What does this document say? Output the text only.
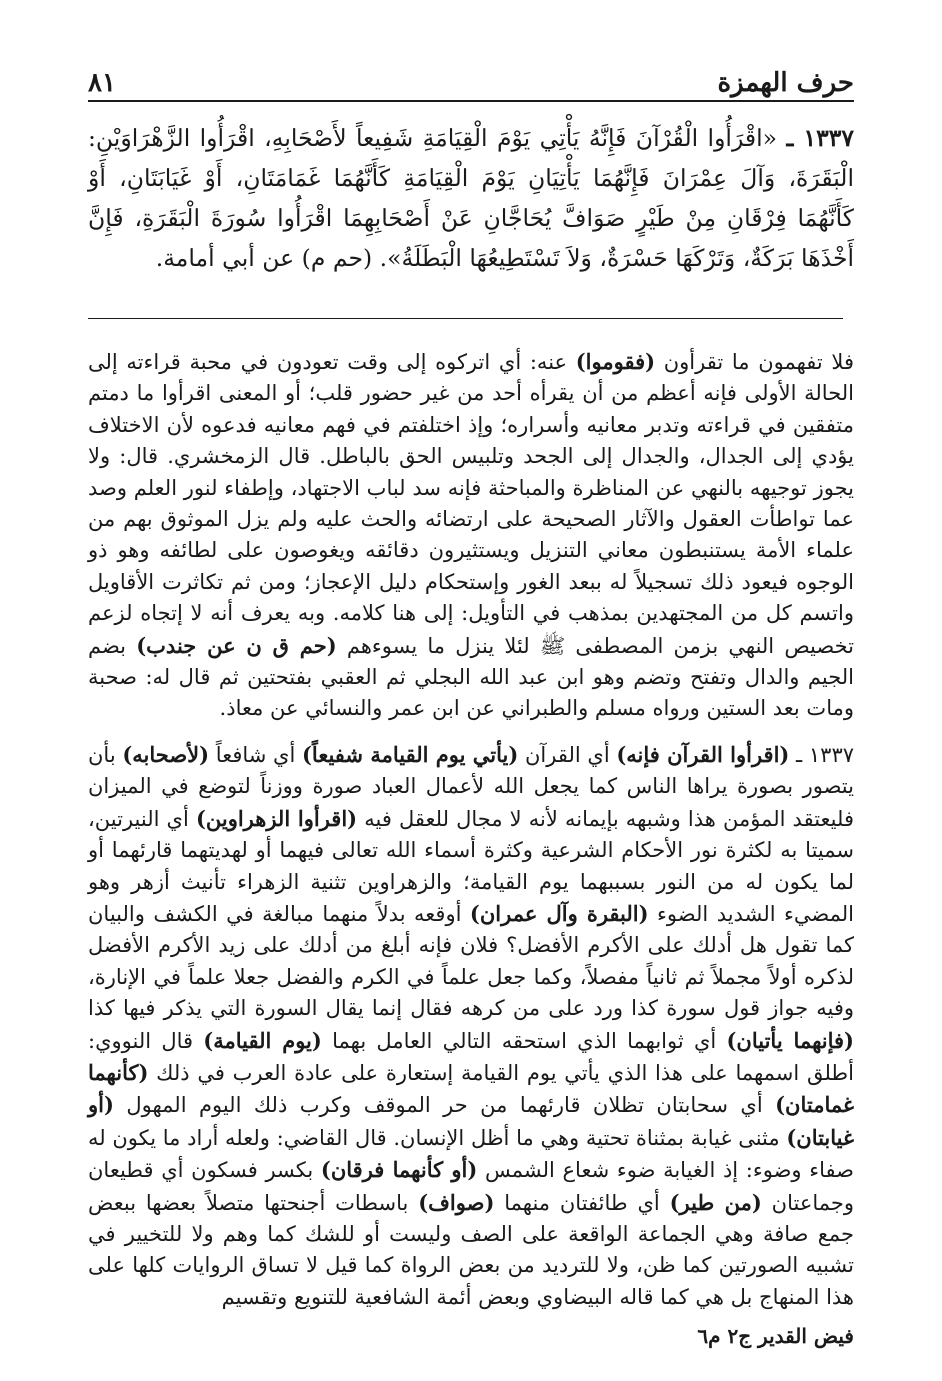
حرف الهمزة
٨١
١٣٣٧ ـ «اقْرَأُوا الْقُرْآنَ فَإِنَّهُ يَأْتِي يَوْمَ الْقِيَامَةِ شَفِيعاً لأَصْحَابِهِ، اقْرَأُوا الزَّهْرَاوَيْنِ: الْبَقَرَةَ، وَآلَ عِمْرَانَ فَإِنَّهُمَا يَأْتِيَانِ يَوْمَ الْقِيَامَةِ كَأَنَّهُمَا غَمَامَتَانِ، أَوْ غَيَابَتَانِ، أَوْ كَأَنَّهُمَا فِرْقَانِ مِنْ طَيْرٍ صَوَافَّ يُحَاجَّانِ عَنْ أَصْحَابِهِمَا اقْرَأُوا سُورَةَ الْبَقَرَةِ، فَإِنَّ أَخْذَهَا بَرَكَةٌ، وَتَرْكَهَا حَسْرَةٌ، وَلاَ تَسْتَطِيعُهَا الْبَطَلَةُ». (حم م) عن أبي أمامة.

فلا تفهمون ما تقرأون (فقوموا) عنه: أي اتركوه إلى وقت تعودون في محبة قراءته إلى الحالة الأولى فإنه أعظم من أن يقرأه أحد من غير حضور قلب؛ أو المعنى اقرأوا ما دمتم متفقين في قراءته وتدبر معانيه وأسراره؛ وإذ اختلفتم في فهم معانيه فدعوه لأن الاختلاف يؤدي إلى الجدال، والجدال إلى الجحد وتلبيس الحق بالباطل. قال الزمخشري. قال: ولا يجوز توجيهه بالنهي عن المناظرة والمباحثة فإنه سد لباب الاجتهاد، وإطفاء لنور العلم وصد عما تواطأت العقول والآثار الصحيحة على ارتضائه والحث عليه ولم يزل الموثوق بهم من علماء الأمة يستنبطون معاني التنزيل ويستثيرون دقائقه ويغوصون على لطائفه وهو ذو الوجوه فيعود ذلك تسجيلاً له ببعد الغور وإستحكام دليل الإعجاز؛ ومن ثم تكاثرت الأقاويل واتسم كل من المجتهدين بمذهب في التأويل: إلى هنا كلامه. وبه يعرف أنه لا إتجاه لزعم تخصيص النهي بزمن المصطفى ﷺ لئلا ينزل ما يسوءهم (حم ق ن عن جندب) بضم الجيم والدال وتفتح وتضم وهو ابن عبد الله البجلي ثم العقبي بفتحتين ثم قال له: صحبة ومات بعد الستين ورواه مسلم والطبراني عن ابن عمر والنسائي عن معاذ.

١٣٣٧ ـ (اقرأوا القرآن فإنه) أي القرآن (يأتي يوم القيامة شفيعاً) أي شافعاً (لأصحابه) بأن يتصور بصورة يراها الناس كما يجعل الله لأعمال العباد صورة ووزناً لتوضع في الميزان فليعتقد المؤمن هذا وشبهه بإيمانه لأنه لا مجال للعقل فيه (اقرأوا الزهراوين) أي النيرتين، سميتا به لكثرة نور الأحكام الشرعية وكثرة أسماء الله تعالى فيهما أو لهديتهما قارئهما أو لما يكون له من النور بسببهما يوم القيامة؛ والزهراوين تثنية الزهراء تأنيث أزهر وهو المضيء الشديد الضوء (البقرة وآل عمران) أوقعه بدلاً منهما مبالغة في الكشف والبيان كما تقول هل أدلك على الأكرم الأفضل؟ فلان فإنه أبلغ من أدلك على زيد الأكرم الأفضل لذكره أولاً مجملاً ثم ثانياً مفصلاً، وكما جعل علماً في الكرم والفضل جعلا علماً في الإنارة، وفيه جواز قول سورة كذا ورد على من كرهه فقال إنما يقال السورة التي يذكر فيها كذا (فإنهما يأتيان) أي ثوابهما الذي استحقه التالي العامل بهما (يوم القيامة) قال النووي: أطلق اسمهما على هذا الذي يأتي يوم القيامة إستعارة على عادة العرب في ذلك (كأنهما غمامتان) أي سحابتان تظلان قارئهما من حر الموقف وكرب ذلك اليوم المهول (أو غيابتان) مثنى غيابة بمثناة تحتية وهي ما أظل الإنسان. قال القاضي: ولعله أراد ما يكون له صفاء وضوء: إذ الغيابة ضوء شعاع الشمس (أو كأنهما فرقان) بكسر فسكون أي قطيعان وجماعتان (من طير) أي طائفتان منهما (صواف) باسطات أجنحتها متصلاً بعضها ببعض جمع صافة وهي الجماعة الواقعة على الصف وليست أو للشك كما وهم ولا للتخيير في تشبيه الصورتين كما ظن، ولا للترديد من بعض الرواة كما قيل لا تساق الروايات كلها على هذا المنهاج بل هي كما قاله البيضاوي وبعض أئمة الشافعية للتنويع وتقسيم

فيض القدير ج٢ م٦
